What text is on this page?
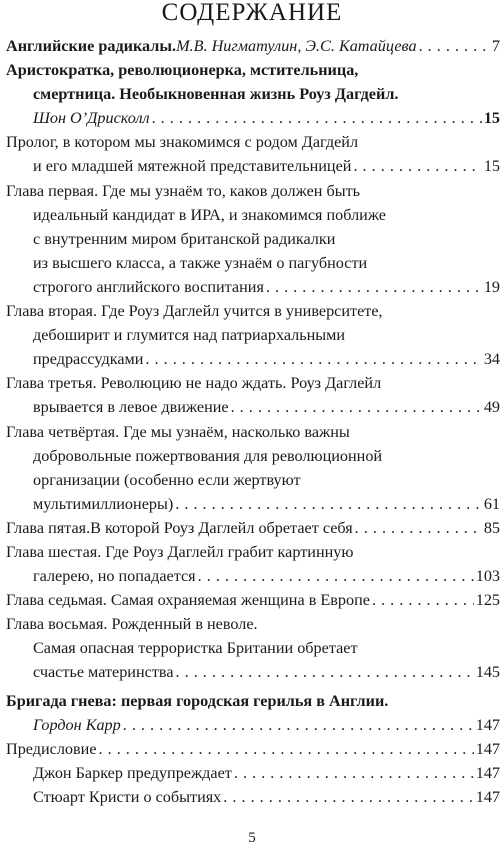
СОДЕРЖАНИЕ
Английские радикалы. М.В. Нигматулин, Э.С. Катайцева . . .	7
Аристократка, революционерка, мстительница,
смертница. Необыкновенная жизнь Роуз Дагдейл.
Шон О’Дрисколл . . .	15
Пролог, в котором мы знакомимся с родом Дагдейл
и его младшей мятежной представительницей . . .	15
Глава первая. Где мы узнаём то, каков должен быть
идеальный кандидат в ИРА, и знакомимся поближе
с внутренним миром британской радикалки
из высшего класса, а также узнаём о пагубности
строгого английского воспитания . . .	19
Глава вторая. Где Роуз Даглейл учится в университете,
дебоширит и глумится над патриархальными
предрассудками . . .	34
Глава третья. Революцию не надо ждать. Роуз Даглейл
врывается в левое движение . . .	49
Глава четвёртая. Где мы узнаём, насколько важны
добровольные пожертвования для революционной
организации (особенно если жертвуют
мультимиллионеры) . . .	61
Глава пятая.В которой Роуз Даглейл обретает себя . . .	85
Глава шестая. Где Роуз Даглейл грабит картинную
галерею, но попадается . . .	103
Глава седьмая. Самая охраняемая женщина в Европе . . .	125
Глава восьмая. Рожденный в неволе.
Самая опасная террористка Британии обретает
счастье материнства . . .	145
Бригада гнева: первая городская герилья в Англии.
Гордон Карр . . .	147
Предисловие . . .	147
Джон Баркер предупреждает . . .	147
Стюарт Кристи о событиях . . .	147
5
